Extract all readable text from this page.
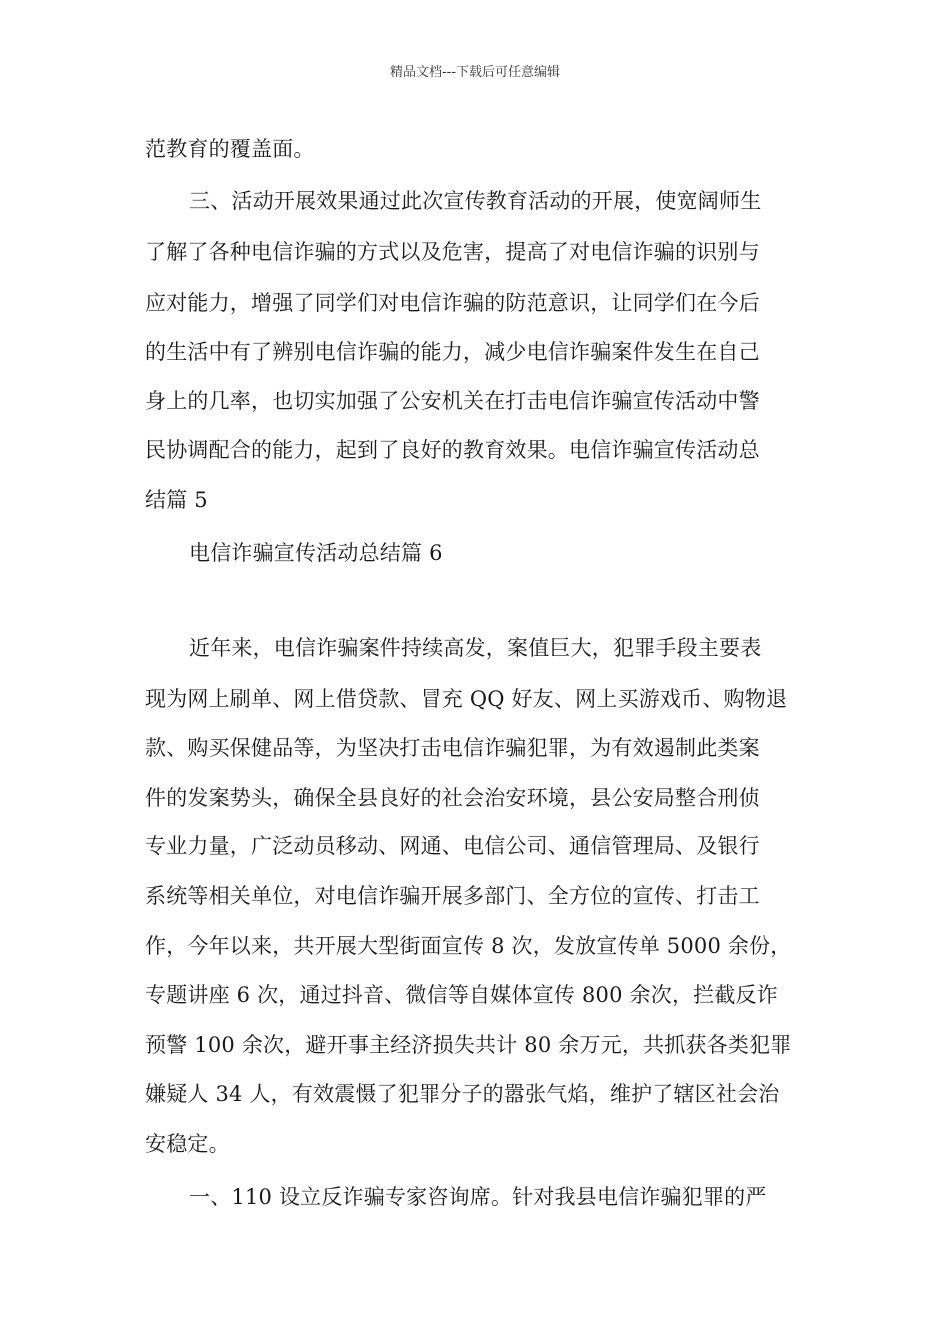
精品文档---下载后可任意编辑
范教育的覆盖面。
三、活动开展效果通过此次宣传教育活动的开展，使宽阔师生
了解了各种电信诈骗的方式以及危害，提高了对电信诈骗的识别与
应对能力，增强了同学们对电信诈骗的防范意识，让同学们在今后
的生活中有了辨别电信诈骗的能力，减少电信诈骗案件发生在自己
身上的几率，也切实加强了公安机关在打击电信诈骗宣传活动中警
民协调配合的能力，起到了良好的教育效果。电信诈骗宣传活动总
结篇 5
电信诈骗宣传活动总结篇 6
近年来，电信诈骗案件持续高发，案值巨大，犯罪手段主要表
现为网上刷单、网上借贷款、冒充 QQ 好友、网上买游戏币、购物退
款、购买保健品等，为坚决打击电信诈骗犯罪，为有效遏制此类案
件的发案势头，确保全县良好的社会治安环境，县公安局整合刑侦
专业力量，广泛动员移动、网通、电信公司、通信管理局、及银行
系统等相关单位，对电信诈骗开展多部门、全方位的宣传、打击工
作，今年以来，共开展大型街面宣传 8 次，发放宣传单 5000 余份，
专题讲座 6 次，通过抖音、微信等自媒体宣传 800 余次，拦截反诈
预警 100 余次，避开事主经济损失共计 80 余万元，共抓获各类犯罪
嫌疑人 34 人，有效震慑了犯罪分子的嚣张气焰，维护了辖区社会治
安稳定。
一、110 设立反诈骗专家咨询席。针对我县电信诈骗犯罪的严
